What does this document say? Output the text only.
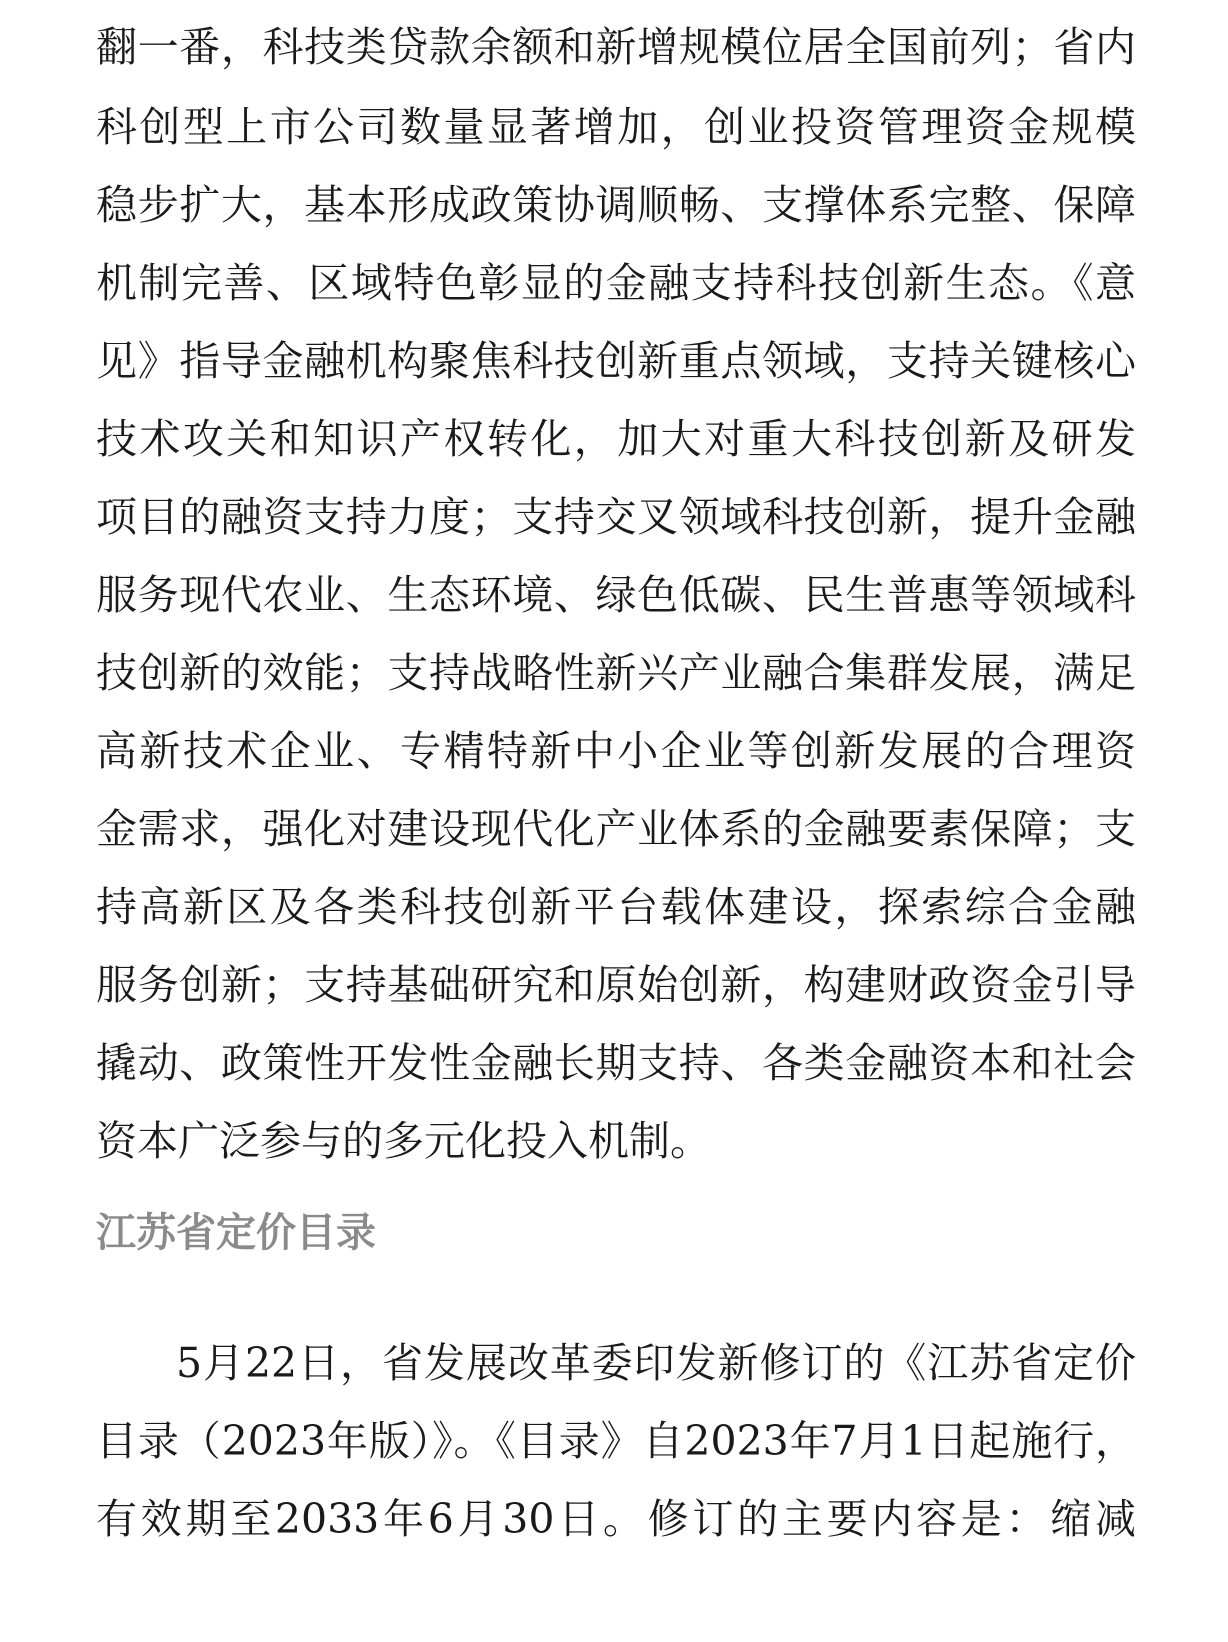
翻一番，科技类贷款余额和新增规模位居全国前列；省内
科创型上市公司数量显著增加，创业投资管理资金规模
稳步扩大，基本形成政策协调顺畅、支撑体系完整、保障
机制完善、区域特色彰显的金融支持科技创新生态。《意
见》指导金融机构聚焦科技创新重点领域，支持关键核心
技术攻关和知识产权转化，加大对重大科技创新及研发
项目的融资支持力度；支持交叉领域科技创新，提升金融
服务现代农业、生态环境、绿色低碳、民生普惠等领域科
技创新的效能；支持战略性新兴产业融合集群发展，满足
高新技术企业、专精特新中小企业等创新发展的合理资
金需求，强化对建设现代化产业体系的金融要素保障；支
持高新区及各类科技创新平台载体建设，探索综合金融
服务创新；支持基础研究和原始创新，构建财政资金引导
撬动、政策性开发性金融长期支持、各类金融资本和社会
资本广泛参与的多元化投入机制。
江苏省定价目录
5月22日，省发展改革委印发新修订的《江苏省定价
目录（2023年版）》。《目录》自2023年7月1日起施行，
有效期至2033年6月30日。修订的主要内容是：缩减
